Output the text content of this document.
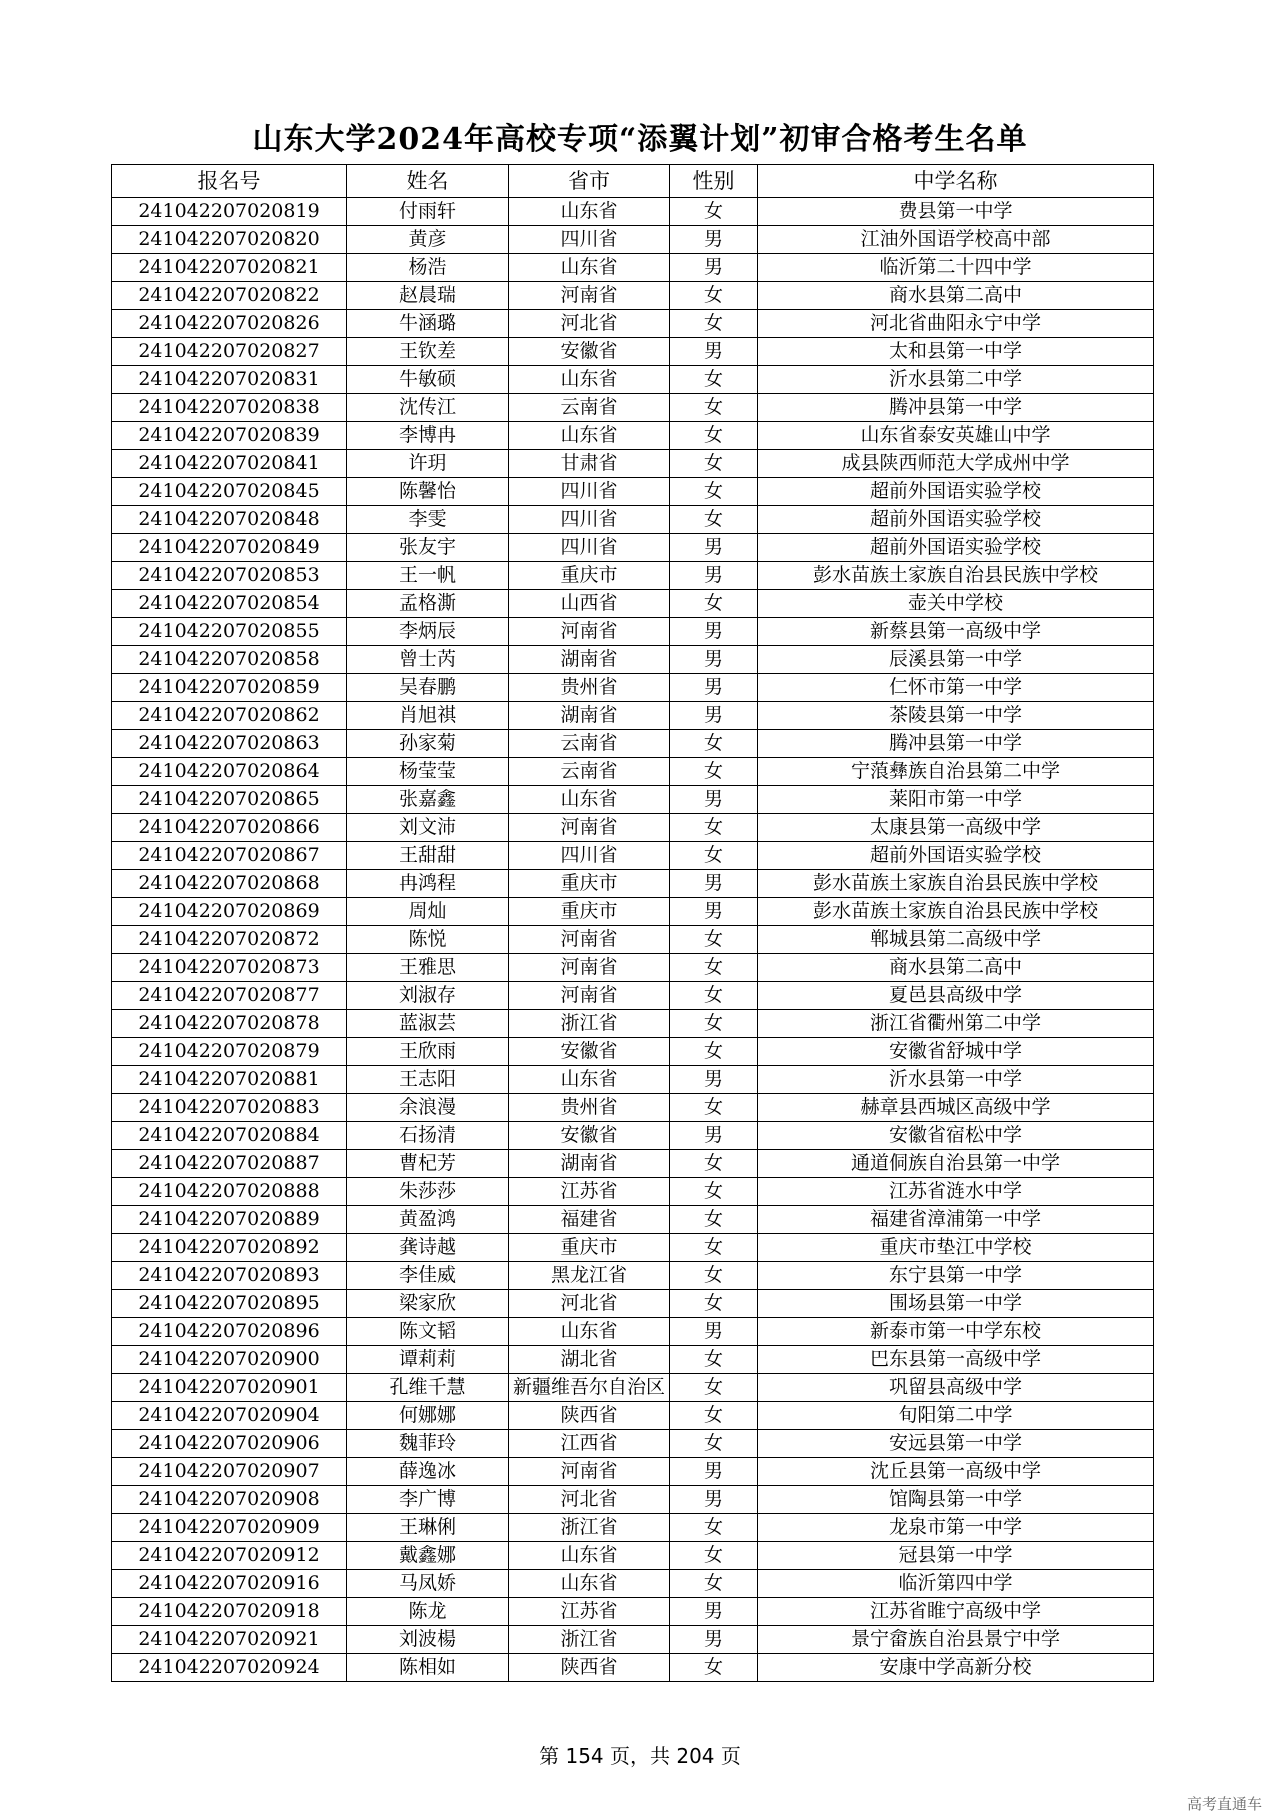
山东大学2024年高校专项“添翼计划”初审合格考生名单
报名号	姓名	省市	性别	中学名称
241042207020819	付雨轩	山东省	女	费县第一中学
241042207020820	黄彦	四川省	男	江油外国语学校高中部
241042207020821	杨浩	山东省	男	临沂第二十四中学
241042207020822	赵晨瑞	河南省	女	商水县第二高中
241042207020826	牛涵璐	河北省	女	河北省曲阳永宁中学
241042207020827	王钦差	安徽省	男	太和县第一中学
241042207020831	牛敏硕	山东省	女	沂水县第二中学
241042207020838	沈传江	云南省	女	腾冲县第一中学
241042207020839	李博冉	山东省	女	山东省泰安英雄山中学
241042207020841	许玥	甘肃省	女	成县陕西师范大学成州中学
241042207020845	陈馨怡	四川省	女	超前外国语实验学校
241042207020848	李雯	四川省	女	超前外国语实验学校
241042207020849	张友宇	四川省	男	超前外国语实验学校
241042207020853	王一帆	重庆市	男	彭水苗族土家族自治县民族中学校
241042207020854	孟格澌	山西省	女	壶关中学校
241042207020855	李炳辰	河南省	男	新蔡县第一高级中学
241042207020858	曾士芮	湖南省	男	辰溪县第一中学
241042207020859	吴春鹏	贵州省	男	仁怀市第一中学
241042207020862	肖旭祺	湖南省	男	茶陵县第一中学
241042207020863	孙家菊	云南省	女	腾冲县第一中学
241042207020864	杨莹莹	云南省	女	宁蒗彝族自治县第二中学
241042207020865	张嘉鑫	山东省	男	莱阳市第一中学
241042207020866	刘文沛	河南省	女	太康县第一高级中学
241042207020867	王甜甜	四川省	女	超前外国语实验学校
241042207020868	冉鸿程	重庆市	男	彭水苗族土家族自治县民族中学校
241042207020869	周灿	重庆市	男	彭水苗族土家族自治县民族中学校
241042207020872	陈悦	河南省	女	郸城县第二高级中学
241042207020873	王雅思	河南省	女	商水县第二高中
241042207020877	刘淑存	河南省	女	夏邑县高级中学
241042207020878	蓝淑芸	浙江省	女	浙江省衢州第二中学
241042207020879	王欣雨	安徽省	女	安徽省舒城中学
241042207020881	王志阳	山东省	男	沂水县第一中学
241042207020883	余浪漫	贵州省	女	赫章县西城区高级中学
241042207020884	石扬清	安徽省	男	安徽省宿松中学
241042207020887	曹杞芳	湖南省	女	通道侗族自治县第一中学
241042207020888	朱莎莎	江苏省	女	江苏省涟水中学
241042207020889	黄盈鸿	福建省	女	福建省漳浦第一中学
241042207020892	龚诗越	重庆市	女	重庆市垫江中学校
241042207020893	李佳威	黑龙江省	女	东宁县第一中学
241042207020895	梁家欣	河北省	女	围场县第一中学
241042207020896	陈文韬	山东省	男	新泰市第一中学东校
241042207020900	谭莉莉	湖北省	女	巴东县第一高级中学
241042207020901	孔维千慧	新疆维吾尔自治区	女	巩留县高级中学
241042207020904	何娜娜	陕西省	女	旬阳第二中学
241042207020906	魏菲玲	江西省	女	安远县第一中学
241042207020907	薛逸冰	河南省	男	沈丘县第一高级中学
241042207020908	李广博	河北省	男	馆陶县第一中学
241042207020909	王琳俐	浙江省	女	龙泉市第一中学
241042207020912	戴鑫娜	山东省	女	冠县第一中学
241042207020916	马凤娇	山东省	女	临沂第四中学
241042207020918	陈龙	江苏省	男	江苏省睢宁高级中学
241042207020921	刘波楊	浙江省	男	景宁畲族自治县景宁中学
241042207020924	陈相如	陕西省	女	安康中学高新分校
第 154 页，共 204 页
高考直通车
